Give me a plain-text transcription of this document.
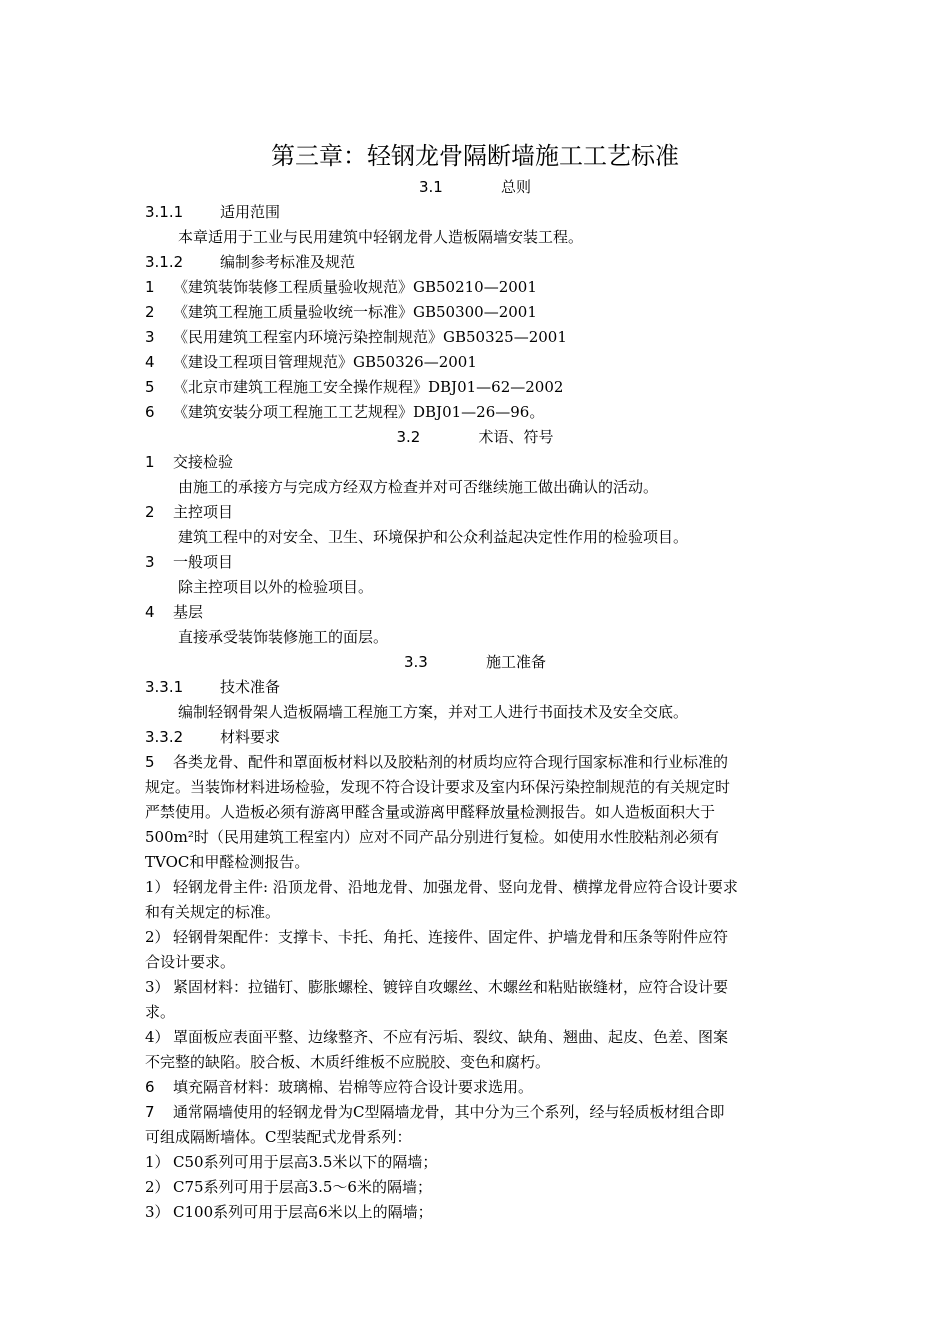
第三章：轻钢龙骨隔断墙施工工艺标准
3.1	总则
3.1.1 适用范围
本章适用于工业与民用建筑中轻钢龙骨人造板隔墙安装工程。
3.1.2 编制参考标准及规范
1 《建筑装饰装修工程质量验收规范》GB50210—2001
2 《建筑工程施工质量验收统一标准》GB50300—2001
3 《民用建筑工程室内环境污染控制规范》GB50325—2001
4 《建设工程项目管理规范》GB50326—2001
5 《北京市建筑工程施工安全操作规程》DBJ01—62—2002
6 《建筑安装分项工程施工工艺规程》DBJ01—26—96。
3.2	术语、符号
1 交接检验
由施工的承接方与完成方经双方检查并对可否继续施工做出确认的活动。
2 主控项目
建筑工程中的对安全、卫生、环境保护和公众利益起决定性作用的检验项目。
3 一般项目
除主控项目以外的检验项目。
4 基层
直接承受装饰装修施工的面层。
3.3	施工准备
3.3.1 技术准备
编制轻钢骨架人造板隔墙工程施工方案，并对工人进行书面技术及安全交底。
3.3.2 材料要求
5 各类龙骨、配件和罩面板材料以及胶粘剂的材质均应符合现行国家标准和行业标准的
规定。当装饰材料进场检验，发现不符合设计要求及室内环保污染控制规范的有关规定时
严禁使用。人造板必须有游离甲醛含量或游离甲醛释放量检测报告。如人造板面积大于
500m²时（民用建筑工程室内）应对不同产品分别进行复检。如使用水性胶粘剂必须有
TVOC和甲醛检测报告。
1） 轻钢龙骨主件: 沿顶龙骨、沿地龙骨、加强龙骨、竖向龙骨、横撑龙骨应符合设计要求
和有关规定的标准。
2） 轻钢骨架配件：支撑卡、卡托、角托、连接件、固定件、护墙龙骨和压条等附件应符
合设计要求。
3） 紧固材料：拉锚钉、膨胀螺栓、镀锌自攻螺丝、木螺丝和粘贴嵌缝材，应符合设计要
求。
4） 罩面板应表面平整、边缘整齐、不应有污垢、裂纹、缺角、翘曲、起皮、色差、图案
不完整的缺陷。胶合板、木质纤维板不应脱胶、变色和腐朽。
6 填充隔音材料：玻璃棉、岩棉等应符合设计要求选用。
7 通常隔墙使用的轻钢龙骨为C型隔墙龙骨，其中分为三个系列，经与轻质板材组合即
可组成隔断墙体。C型装配式龙骨系列：
1） C50系列可用于层高3.5米以下的隔墙；
2） C75系列可用于层高3.5～6米的隔墙；
3） C100系列可用于层高6米以上的隔墙；
